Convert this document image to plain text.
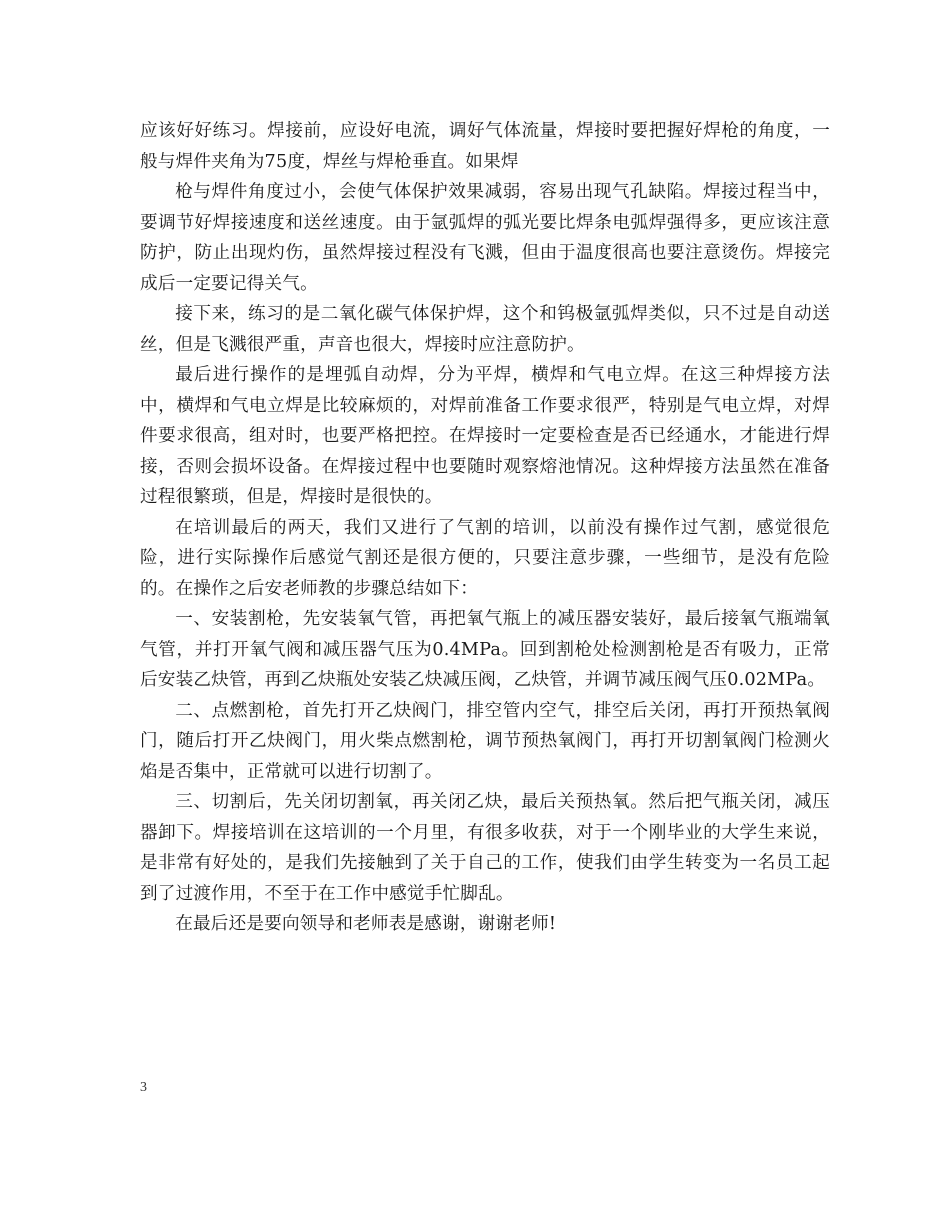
应该好好练习。焊接前，应设好电流，调好气体流量，焊接时要把握好焊枪的角度，一般与焊件夹角为75度，焊丝与焊枪垂直。如果焊

枪与焊件角度过小，会使气体保护效果减弱，容易出现气孔缺陷。焊接过程当中，要调节好焊接速度和送丝速度。由于氩弧焊的弧光要比焊条电弧焊强得多，更应该注意防护，防止出现灼伤，虽然焊接过程没有飞溅，但由于温度很高也要注意烫伤。焊接完成后一定要记得关气。

接下来，练习的是二氧化碳气体保护焊，这个和钨极氩弧焊类似，只不过是自动送丝，但是飞溅很严重，声音也很大，焊接时应注意防护。

最后进行操作的是埋弧自动焊，分为平焊，横焊和气电立焊。在这三种焊接方法中，横焊和气电立焊是比较麻烦的，对焊前准备工作要求很严，特别是气电立焊，对焊件要求很高，组对时，也要严格把控。在焊接时一定要检查是否已经通水，才能进行焊接，否则会损坏设备。在焊接过程中也要随时观察熔池情况。这种焊接方法虽然在准备过程很繁琐，但是，焊接时是很快的。

在培训最后的两天，我们又进行了气割的培训，以前没有操作过气割，感觉很危险，进行实际操作后感觉气割还是很方便的，只要注意步骤，一些细节，是没有危险的。在操作之后安老师教的步骤总结如下：

一、安装割枪，先安装氧气管，再把氧气瓶上的减压器安装好，最后接氧气瓶端氧气管，并打开氧气阀和减压器气压为0.4MPa。回到割枪处检测割枪是否有吸力，正常后安装乙炔管，再到乙炔瓶处安装乙炔减压阀，乙炔管，并调节减压阀气压0.02MPa。

二、点燃割枪，首先打开乙炔阀门，排空管内空气，排空后关闭，再打开预热氧阀门，随后打开乙炔阀门，用火柴点燃割枪，调节预热氧阀门，再打开切割氧阀门检测火焰是否集中，正常就可以进行切割了。

三、切割后，先关闭切割氧，再关闭乙炔，最后关预热氧。然后把气瓶关闭，减压器卸下。焊接培训在这培训的一个月里，有很多收获，对于一个刚毕业的大学生来说，是非常有好处的，是我们先接触到了关于自己的工作，使我们由学生转变为一名员工起到了过渡作用，不至于在工作中感觉手忙脚乱。

在最后还是要向领导和老师表是感谢，谢谢老师!

3
